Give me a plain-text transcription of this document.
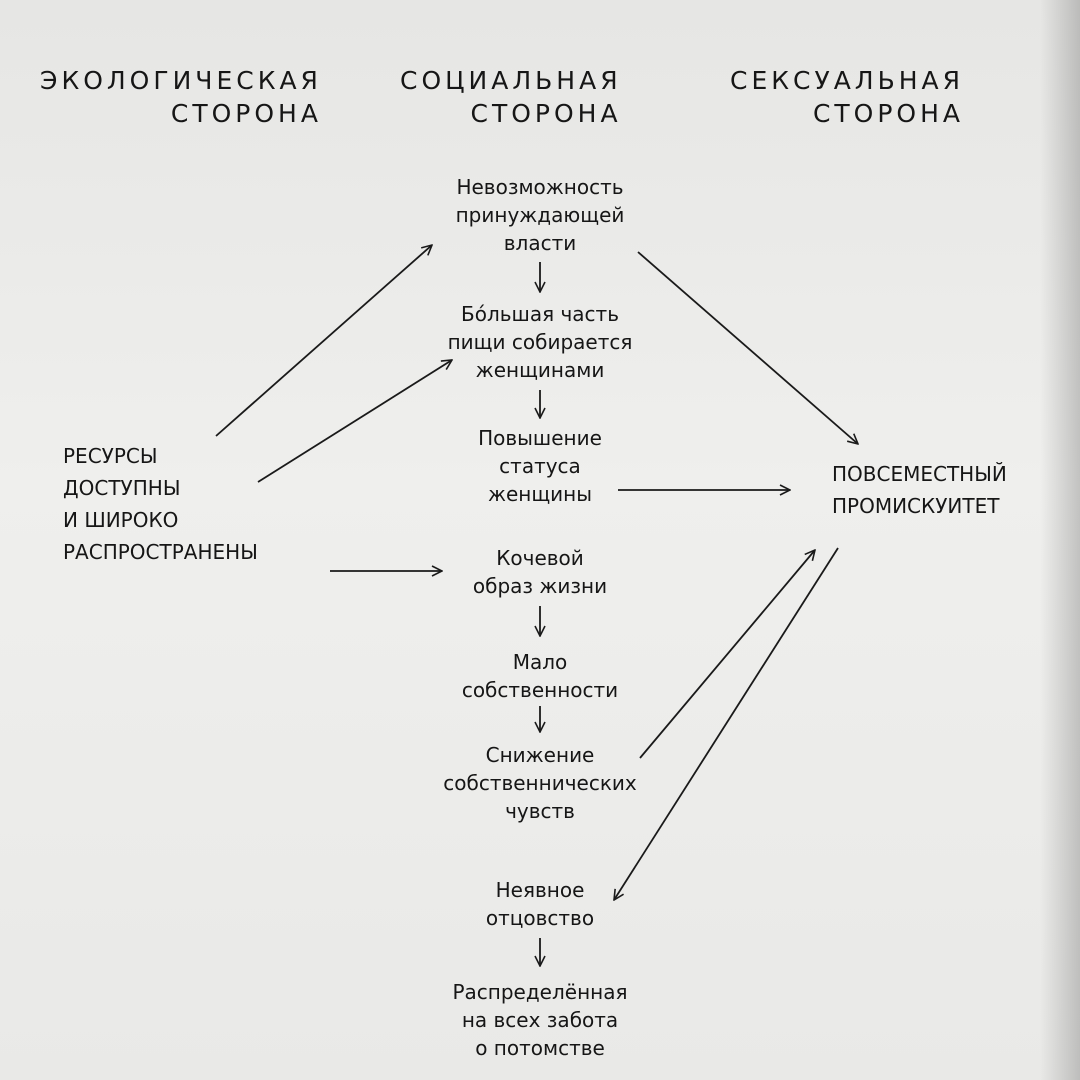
ЭКОЛОГИЧЕСКАЯ
СТОРОНА
СОЦИАЛЬНАЯ
СТОРОНА
СЕКСУАЛЬНАЯ
СТОРОНА
РЕСУРСЫ
ДОСТУПНЫ
И ШИРОКО
РАСПРОСТРАНЕНЫ
ПОВСЕМЕСТНЫЙ
ПРОМИСКУИТЕТ
Невозможность
принуждающей
власти
Бóльшая часть
пищи собирается
женщинами
Повышение
статуса
женщины
Кочевой
образ жизни
Мало
собственности
Снижение
собственнических
чувств
Неявное
отцовство
Распределённая
на всех забота
о потомстве
